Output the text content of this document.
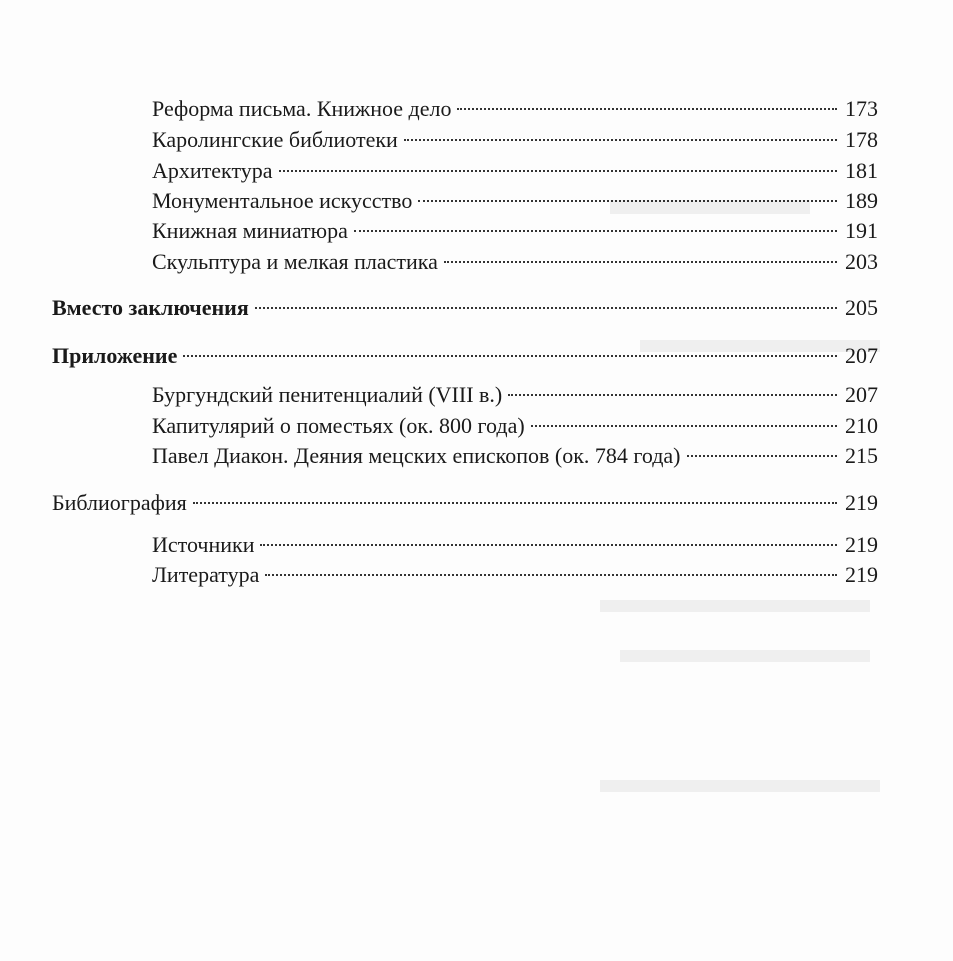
Реформа письма. Книжное дело	173
Каролингские библиотеки	178
Архитектура	181
Монументальное искусство	189
Книжная миниатюра	191
Скульптура и мелкая пластика	203
Вместо заключения	205
Приложение	207
Бургундский пенитенциалий (VIII в.)	207
Капитулярий о поместьях (ок. 800 года)	210
Павел Диакон. Деяния мецских епископов (ок. 784 года)	215
Библиография	219
Источники	219
Литература	219
